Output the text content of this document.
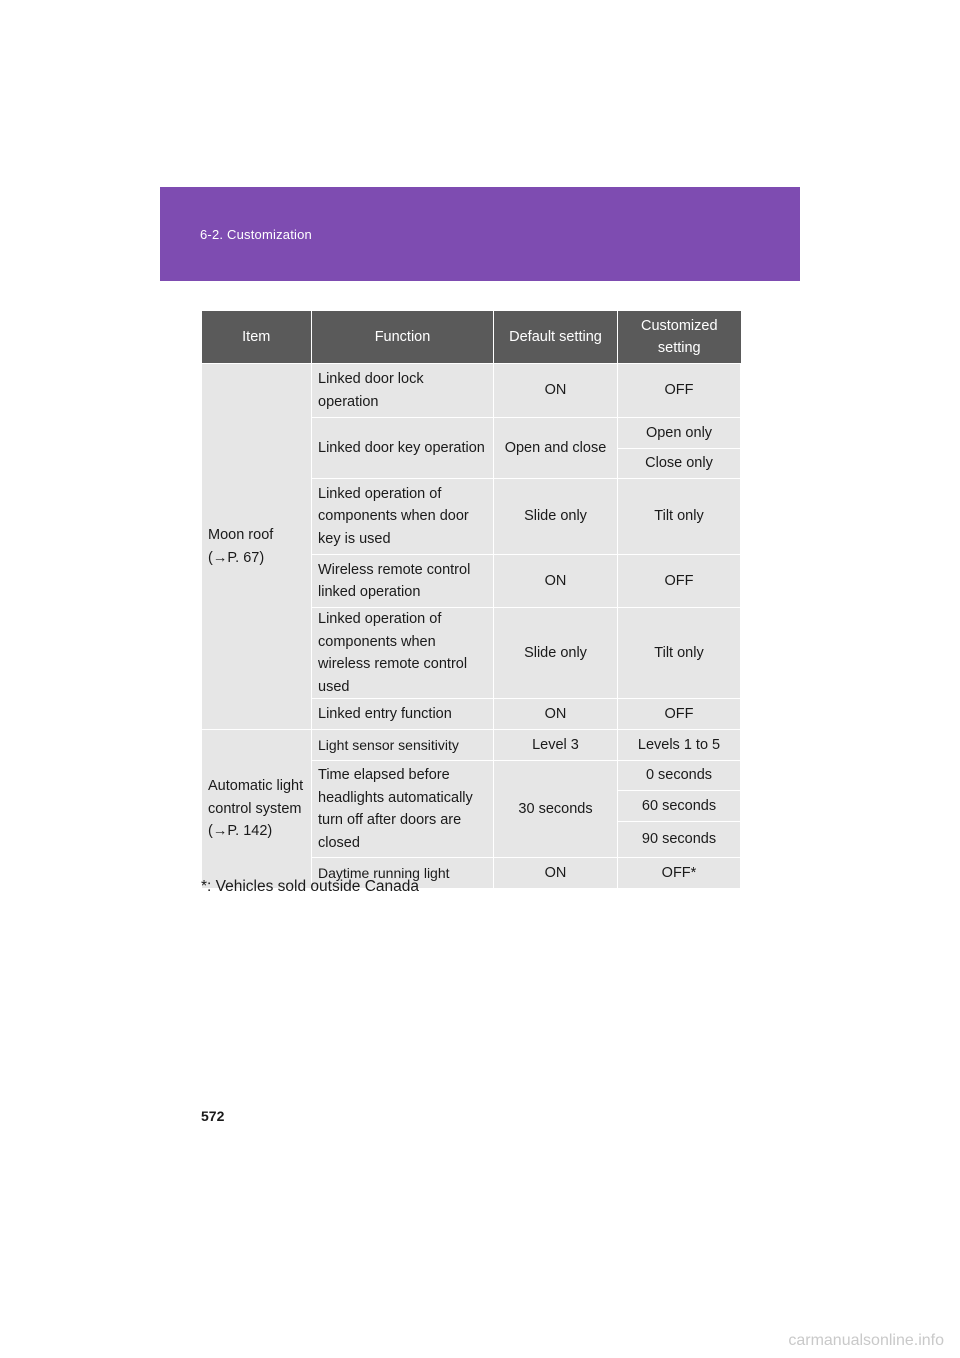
6-2. Customization
Item	Function	Default setting	Customized setting
Moon roof (→P. 67)	Linked door lock operation	ON	OFF
	Linked door key operation	Open and close	Open only
			Close only
	Linked operation of components when door key is used	Slide only	Tilt only
	Wireless remote control linked operation	ON	OFF
	Linked operation of components when wireless remote control used	Slide only	Tilt only
	Linked entry function	ON	OFF

Automatic light control system (→P. 142)	Light sensor sensitivity	Level 3	Levels 1 to 5
	Time elapsed before headlights automatically turn off after doors are closed	30 seconds	0 seconds
			60 seconds
			90 seconds
	Daytime running light	ON	OFF*
*: Vehicles sold outside Canada
572
carmanualsonline.info
